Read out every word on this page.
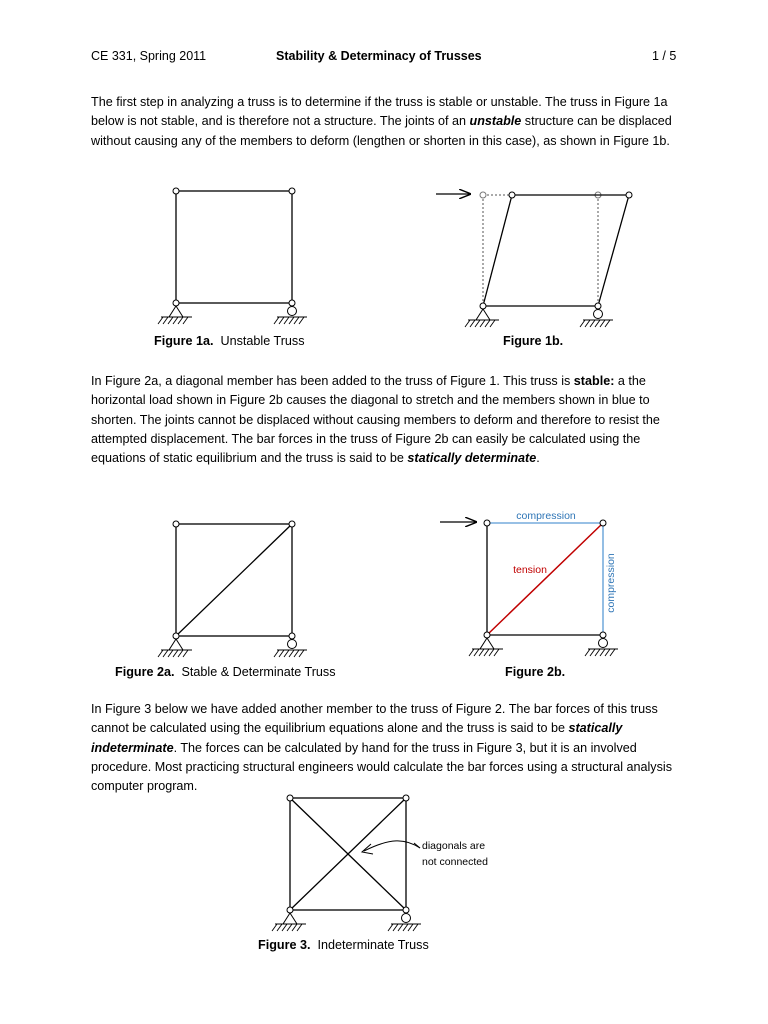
CE 331, Spring 2011	Stability & Determinacy of Trusses	1 / 5

The first step in analyzing a truss is to determine if the truss is stable or unstable. The truss in Figure 1a below is not stable, and is therefore not a structure. The joints of an unstable structure can be displaced without causing any of the members to deform (lengthen or shorten in this case), as shown in Figure 1b.

compression
tension	compression
diagonals are
not connected
Figure 1a.  Unstable Truss	Figure 1b.

In Figure 2a, a diagonal member has been added to the truss of Figure 1. This truss is stable: a the horizontal load shown in Figure 2b causes the diagonal to stretch and the members shown in blue to shorten. The joints cannot be displaced without causing members to deform and therefore to resist the attempted displacement. The bar forces in the truss of Figure 2b can easily be calculated using the equations of static equilibrium and the truss is said to be statically determinate.

Figure 2a.  Stable & Determinate Truss	Figure 2b.

In Figure 3 below we have added another member to the truss of Figure 2. The bar forces of this truss cannot be calculated using the equilibrium equations alone and the truss is said to be statically indeterminate. The forces can be calculated by hand for the truss in Figure 3, but it is an involved procedure. Most practicing structural engineers would calculate the bar forces using a structural analysis computer program.

Figure 3.  Indeterminate Truss
